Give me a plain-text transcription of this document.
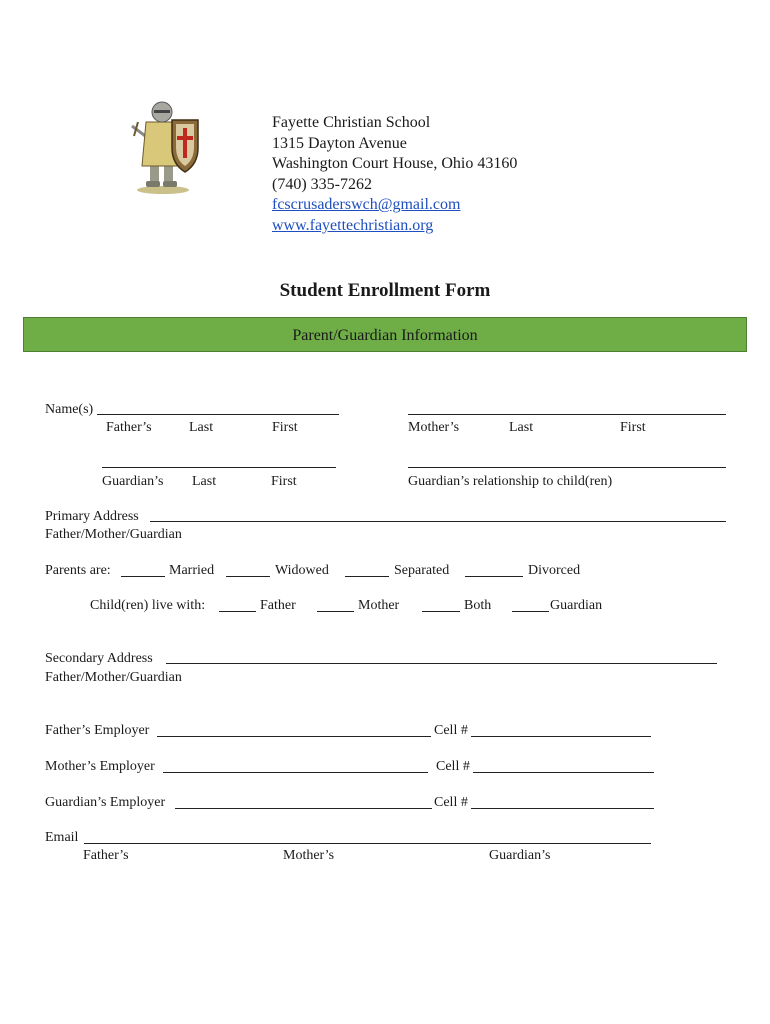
Fayette Christian School
1315 Dayton Avenue
Washington Court House, Ohio 43160
(740) 335-7262
fcscrusaderswch@gmail.com
www.fayettechristian.org
Student Enrollment Form
Parent/Guardian Information
Name(s)
Father’s	Last	First	Mother’s	Last	First
Guardian’s Last	First	Guardian’s relationship to child(ren)
Primary Address
Father/Mother/Guardian
Parents are:	Married	Widowed	Separated	Divorced
Child(ren) live with:	Father	Mother	Both	Guardian
Secondary Address
Father/Mother/Guardian
Father’s Employer	Cell #
Mother’s Employer	Cell #
Guardian’s Employer	Cell #
Email
Father’s	Mother’s	Guardian’s
